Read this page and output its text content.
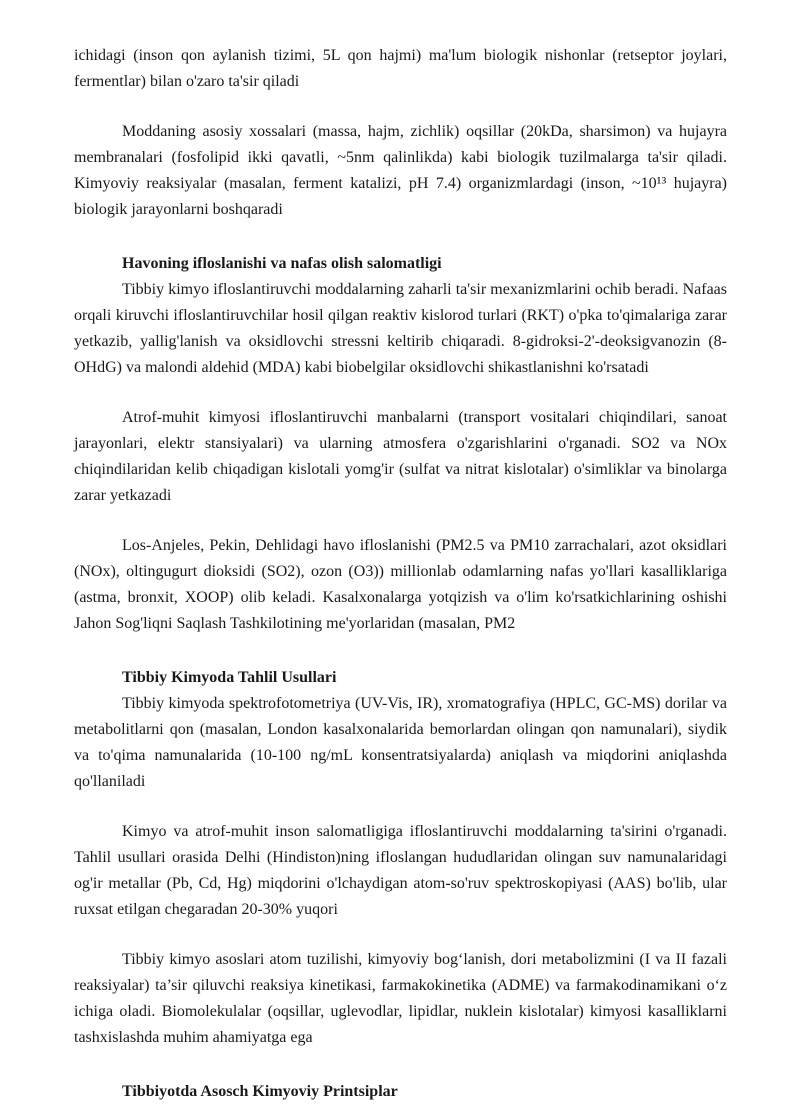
ichidagi (inson qon aylanish tizimi, 5L qon hajmi) ma'lum biologik nishonlar (retseptor joylari, fermentlar) bilan o'zaro ta'sir qiladi

Moddaning asosiy xossalari (massa, hajm, zichlik) oqsillar (20kDa, sharsimon) va hujayra membranalari (fosfolipid ikki qavatli, ~5nm qalinlikda) kabi biologik tuzilmalarga ta'sir qiladi. Kimyoviy reaksiyalar (masalan, ferment katalizi, pH 7.4) organizmlardagi (inson, ~10¹³ hujayra) biologik jarayonlarni boshqaradi

Havoning ifloslanishi va nafas olish salomatligi

Tibbiy kimyo ifloslantiruvchi moddalarning zaharli ta'sir mexanizmlarini ochib beradi. Nafaas orqali kiruvchi ifloslantiruvchilar hosil qilgan reaktiv kislorod turlari (RKT) o'pka to'qimalariga zarar yetkazib, yallig'lanish va oksidlovchi stressni keltirib chiqaradi. 8-gidroksi-2'-deoksigvanozin (8-OHdG) va malondi aldehid (MDA) kabi biobelgilar oksidlovchi shikastlanishni ko'rsatadi

Atrof-muhit kimyosi ifloslantiruvchi manbalarni (transport vositalari chiqindilari, sanoat jarayonlari, elektr stansiyalari) va ularning atmosfera o'zgarishlarini o'rganadi. SO2 va NOx chiqindilaridan kelib chiqadigan kislotali yomg'ir (sulfat va nitrat kislotalar) o'simliklar va binolarga zarar yetkazadi

Los-Anjeles, Pekin, Dehlidagi havo ifloslanishi (PM2.5 va PM10 zarrachalari, azot oksidlari (NOx), oltingugurt dioksidi (SO2), ozon (O3)) millionlab odamlarning nafas yo'llari kasalliklariga (astma, bronxit, XOOP) olib keladi. Kasalxonalarga yotqizish va o'lim ko'rsatkichlarining oshishi Jahon Sog'liqni Saqlash Tashkilotining me'yorlaridan (masalan, PM2

Tibbiy Kimyoda Tahlil Usullari

Tibbiy kimyoda spektrofotometriya (UV-Vis, IR), xromatografiya (HPLC, GC-MS) dorilar va metabolitlarni qon (masalan, London kasalxonalarida bemorlardan olingan qon namunalari), siydik va to'qima namunalarida (10-100 ng/mL konsentratsiyalarda) aniqlash va miqdorini aniqlashda qo'llaniladi

Kimyo va atrof-muhit inson salomatligiga ifloslantiruvchi moddalarning ta'sirini o'rganadi. Tahlil usullari orasida Delhi (Hindiston)ning ifloslangan hududlaridan olingan suv namunalaridagi og'ir metallar (Pb, Cd, Hg) miqdorini o'lchaydigan atom-so'ruv spektroskopiyasi (AAS) bo'lib, ular ruxsat etilgan chegaradan 20-30% yuqori

Tibbiy kimyo asoslari atom tuzilishi, kimyoviy bog‘lanish, dori metabolizmini (I va II fazali reaksiyalar) ta’sir qiluvchi reaksiya kinetikasi, farmakokinetika (ADME) va farmakodinamikani o‘z ichiga oladi. Biomolekulalar (oqsillar, uglevodlar, lipidlar, nuklein kislotalar) kimyosi kasalliklarni tashxislashda muhim ahamiyatga ega

Tibbiyotda Asosch Kimyoviy Printsiplar
